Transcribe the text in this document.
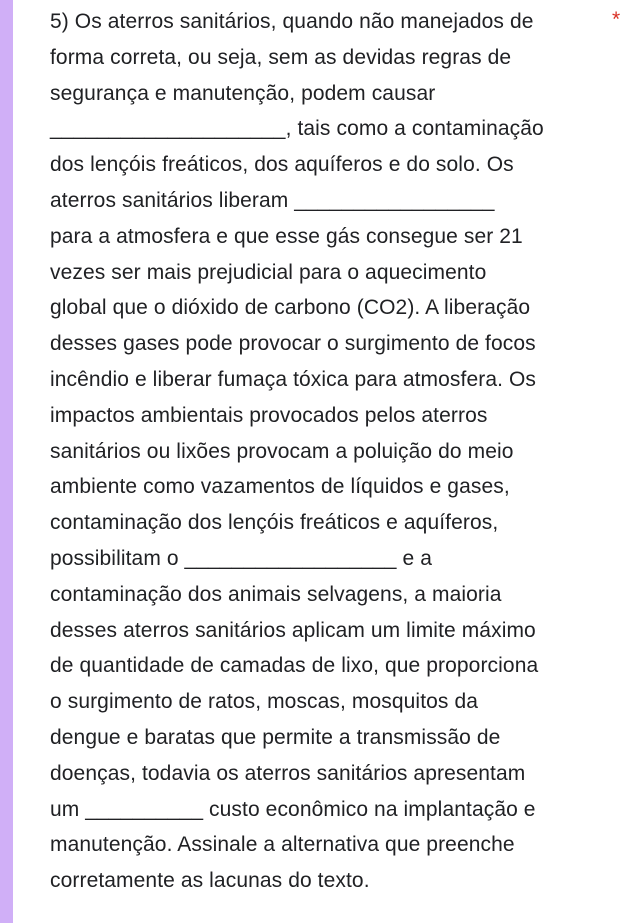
5) Os aterros sanitários, quando não manejados de
forma correta, ou seja, sem as devidas regras de
segurança e manutenção, podem causar
____________________, tais como a contaminação
dos lençóis freáticos, dos aquíferos e do solo. Os
aterros sanitários liberam _________________
para a atmosfera e que esse gás consegue ser 21
vezes ser mais prejudicial para o aquecimento
global que o dióxido de carbono (CO2). A liberação
desses gases pode provocar o surgimento de focos
incêndio e liberar fumaça tóxica para atmosfera. Os
impactos ambientais provocados pelos aterros
sanitários ou lixões provocam a poluição do meio
ambiente como vazamentos de líquidos e gases,
contaminação dos lençóis freáticos e aquíferos,
possibilitam o __________________ e a
contaminação dos animais selvagens, a maioria
desses aterros sanitários aplicam um limite máximo
de quantidade de camadas de lixo, que proporciona
o surgimento de ratos, moscas, mosquitos da
dengue e baratas que permite a transmissão de
doenças, todavia os aterros sanitários apresentam
um __________ custo econômico na implantação e
manutenção. Assinale a alternativa que preenche
corretamente as lacunas do texto.
*
